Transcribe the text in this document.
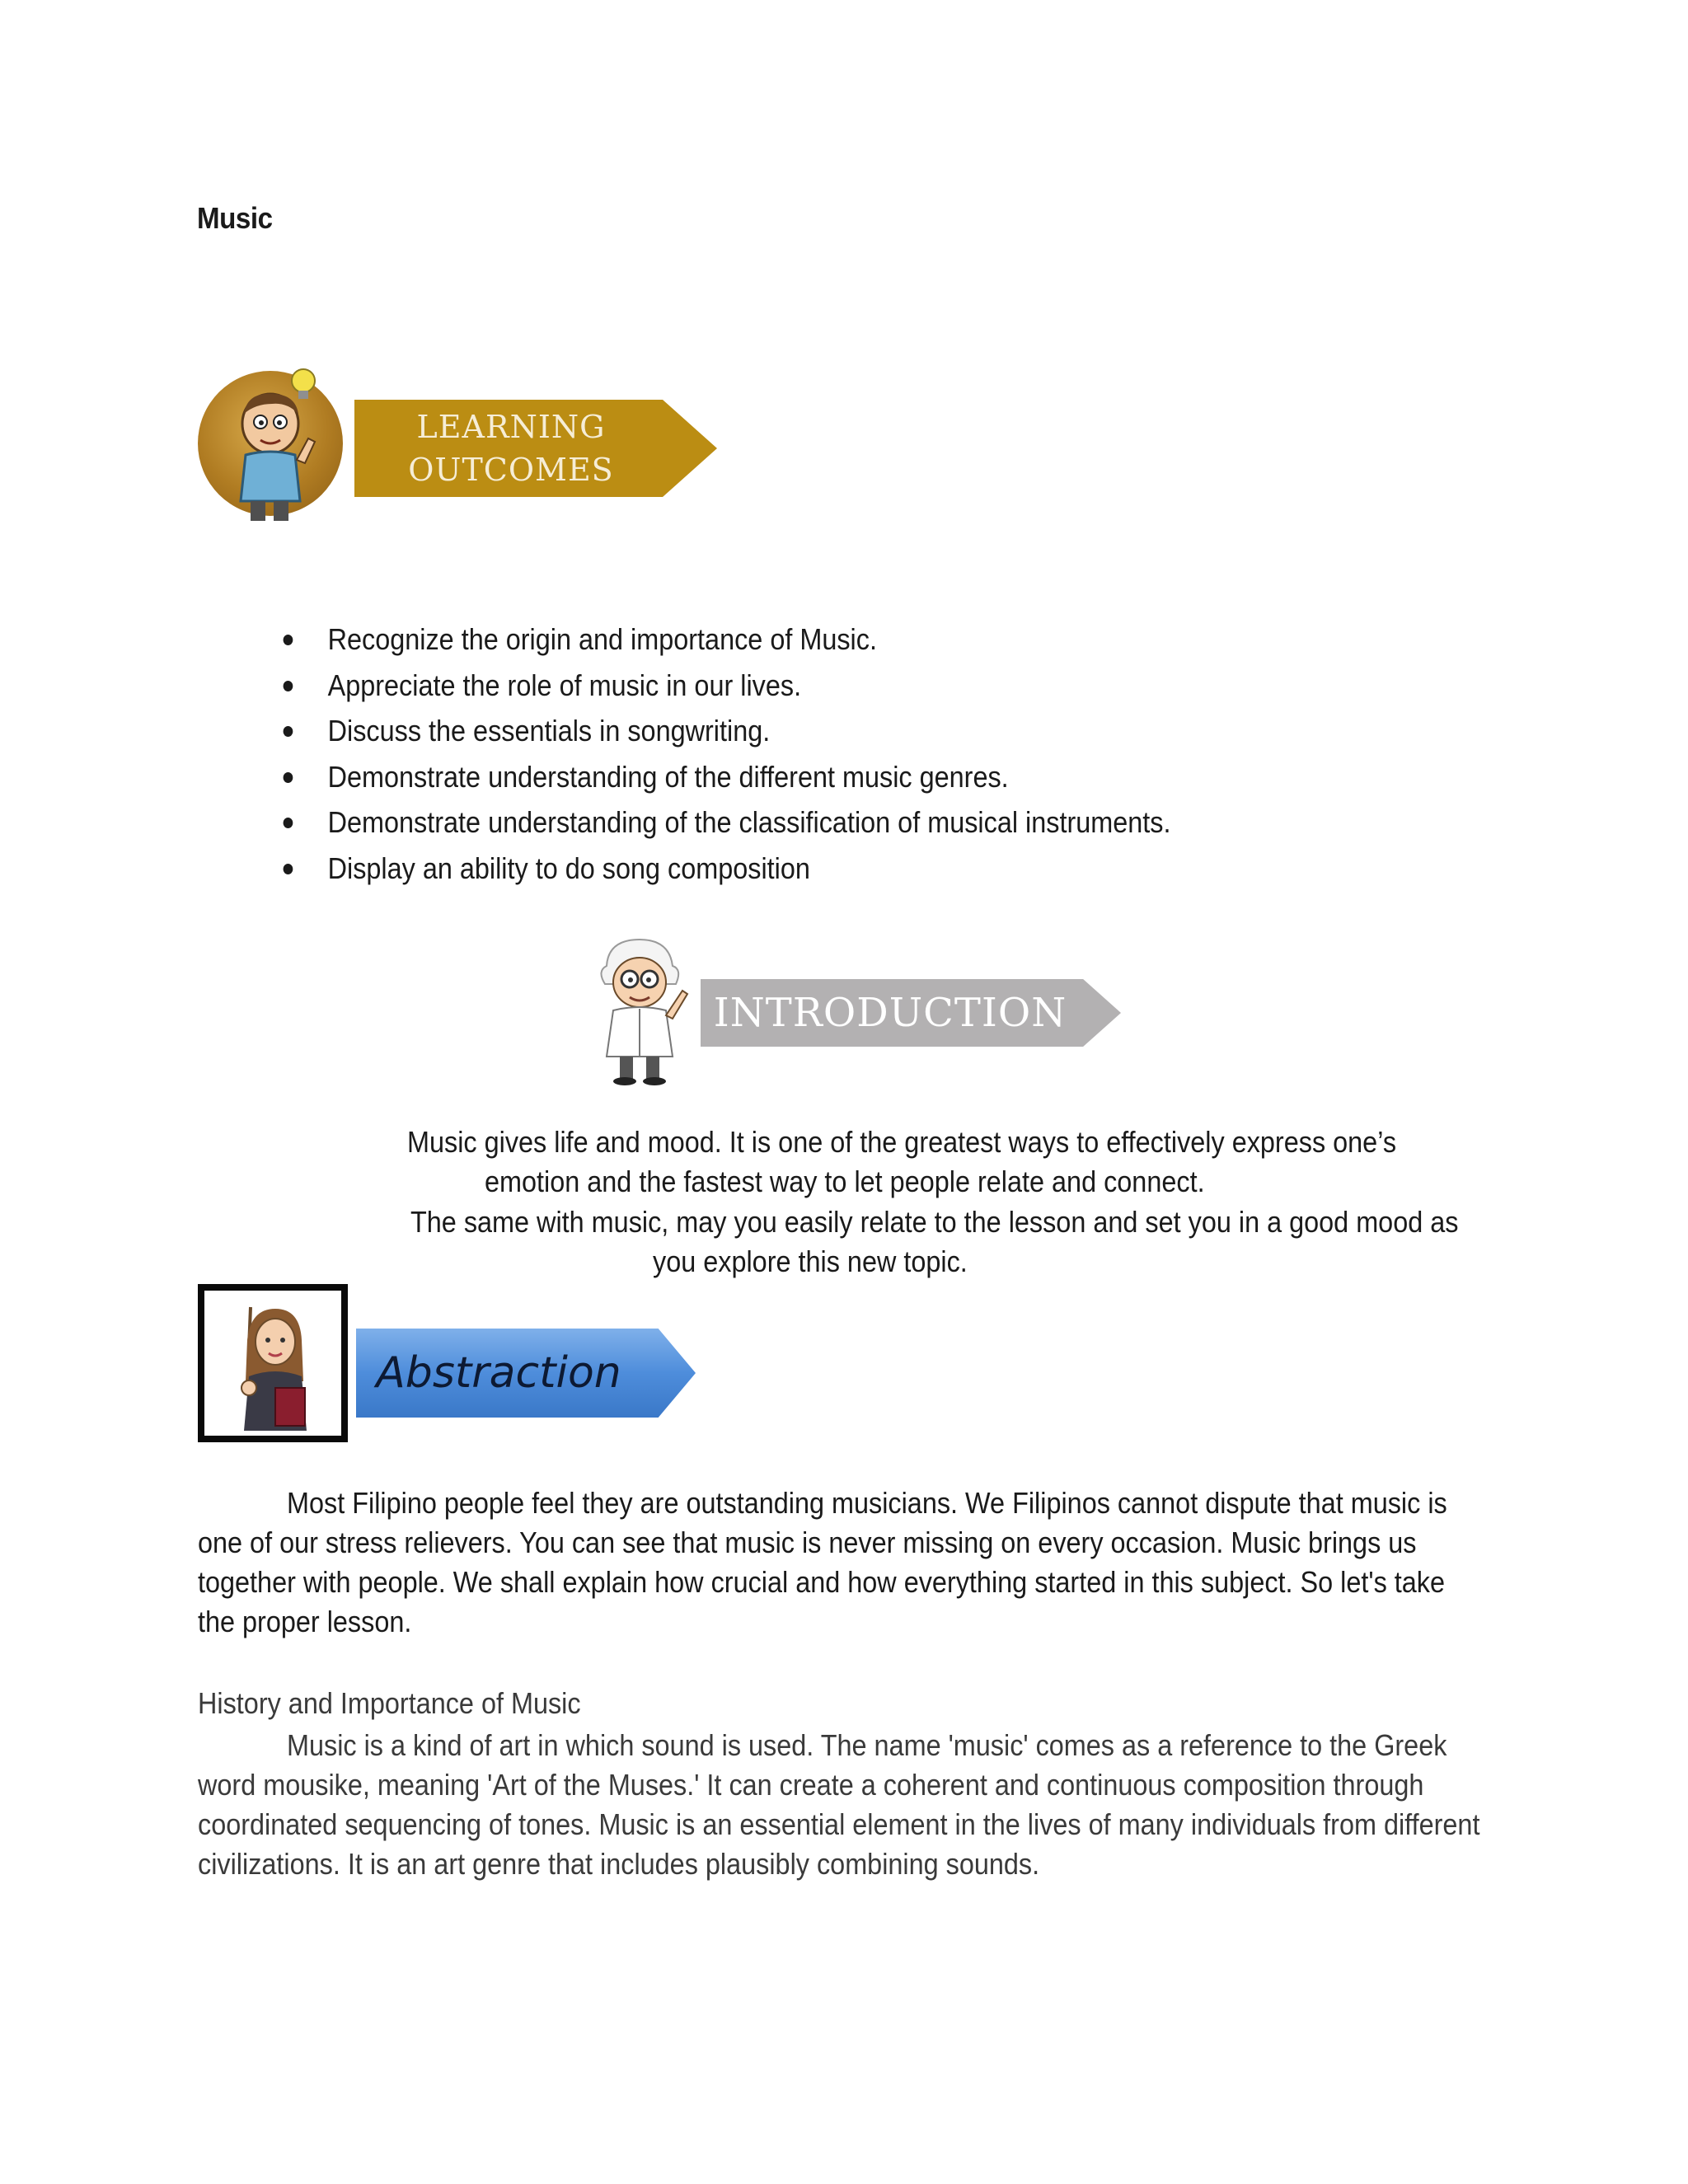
Music
LEARNING
OUTCOMES
Recognize the origin and importance of Music.
Appreciate the role of music in our lives.
Discuss the essentials in songwriting.
Demonstrate understanding of the different music genres.
Demonstrate understanding of the classification of musical instruments.
Display an ability to do song composition
INTRODUCTION
Music gives life and mood. It is one of the greatest ways to effectively express one’s
emotion and the fastest way to let people relate and connect.
The same with music, may you easily relate to the lesson and set you in a good mood as
you explore this new topic.
Abstraction
Most Filipino people feel they are outstanding musicians. We Filipinos cannot dispute that music is
one of our stress relievers. You can see that music is never missing on every occasion. Music brings us
together with people. We shall explain how crucial and how everything started in this subject. So let's take
the proper lesson.
History and Importance of Music
Music is a kind of art in which sound is used. The name 'music' comes as a reference to the Greek
word mousike, meaning 'Art of the Muses.' It can create a coherent and continuous composition through
coordinated sequencing of tones. Music is an essential element in the lives of many individuals from different
civilizations. It is an art genre that includes plausibly combining sounds.
